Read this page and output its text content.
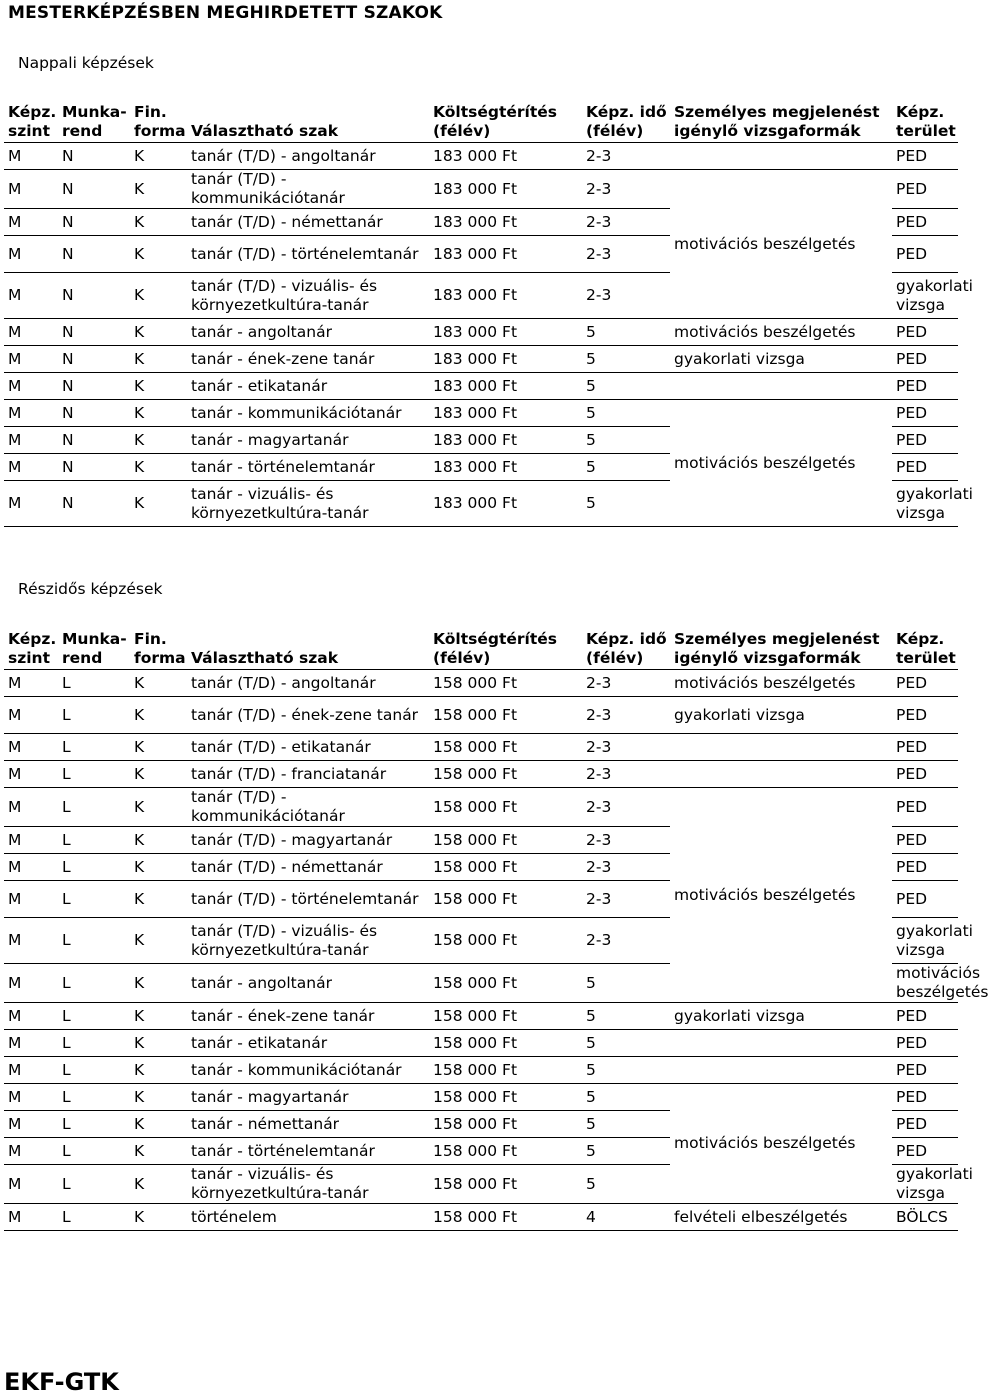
MESTERKÉPZÉSBEN MEGHIRDETETT SZAKOK
Nappali képzések
Képz. szint	Munka- rend	Fin. forma	Választható szak	Költségtérítés (félév)	Képz. idő (félév)	Személyes megjelenést igénylő vizsgaformák	Képz. terület	
M	N	K	tanár (T/D) - angoltanár	183 000 Ft	2-3		PED	
M	N	K	tanár (T/D) - kommunikációtanár	183 000 Ft	2-3	motivációs beszélgetés	PED	
M	N	K	tanár (T/D) - némettanár	183 000 Ft	2-3		PED	
M	N	K	tanár (T/D) - történelemtanár	183 000 Ft	2-3		PED	
M	N	K	tanár (T/D) - vizuális- és környezetkultúra-tanár	183 000 Ft	2-3		gyakorlati vizsga	
M	N	K	tanár - angoltanár	183 000 Ft	5	motivációs beszélgetés	PED	
M	N	K	tanár - ének-zene tanár	183 000 Ft	5	gyakorlati vizsga	PED	
M	N	K	tanár - etikatanár	183 000 Ft	5		PED	
M	N	K	tanár - kommunikációtanár	183 000 Ft	5	motivációs beszélgetés	PED	
M	N	K	tanár - magyartanár	183 000 Ft	5		PED	
M	N	K	tanár - történelemtanár	183 000 Ft	5		PED	
M	N	K	tanár - vizuális- és környezetkultúra-tanár	183 000 Ft	5		gyakorlati vizsga	
Részidős képzések
Képz. szint	Munka- rend	Fin. forma	Választható szak	Költségtérítés (félév)	Képz. idő (félév)	Személyes megjelenést igénylő vizsgaformák	Képz. terület	
M	L	K	tanár (T/D) - angoltanár	158 000 Ft	2-3	motivációs beszélgetés	PED	
M	L	K	tanár (T/D) - ének-zene tanár	158 000 Ft	2-3	gyakorlati vizsga	PED	
M	L	K	tanár (T/D) - etikatanár	158 000 Ft	2-3		PED	
M	L	K	tanár (T/D) - franciatanár	158 000 Ft	2-3		PED	
M	L	K	tanár (T/D) - kommunikációtanár	158 000 Ft	2-3	motivációs beszélgetés	PED	
M	L	K	tanár (T/D) - magyartanár	158 000 Ft	2-3		PED	
M	L	K	tanár (T/D) - némettanár	158 000 Ft	2-3		PED	
M	L	K	tanár (T/D) - történelemtanár	158 000 Ft	2-3		PED	
M	L	K	tanár (T/D) - vizuális- és környezetkultúra-tanár	158 000 Ft	2-3		gyakorlati vizsga	
M	L	K	tanár - angoltanár	158 000 Ft	5		motivációs beszélgetés	
M	L	K	tanár - ének-zene tanár	158 000 Ft	5	gyakorlati vizsga	PED	
M	L	K	tanár - etikatanár	158 000 Ft	5		PED	
M	L	K	tanár - kommunikációtanár	158 000 Ft	5		PED	
M	L	K	tanár - magyartanár	158 000 Ft	5	motivációs beszélgetés	PED	
M	L	K	tanár - némettanár	158 000 Ft	5		PED	
M	L	K	tanár - történelemtanár	158 000 Ft	5		PED	
M	L	K	tanár - vizuális- és környezetkultúra-tanár	158 000 Ft	5		gyakorlati vizsga	
M	L	K	történelem	158 000 Ft	4	felvételi elbeszélgetés	BÖLCS	
EKF-GTK
